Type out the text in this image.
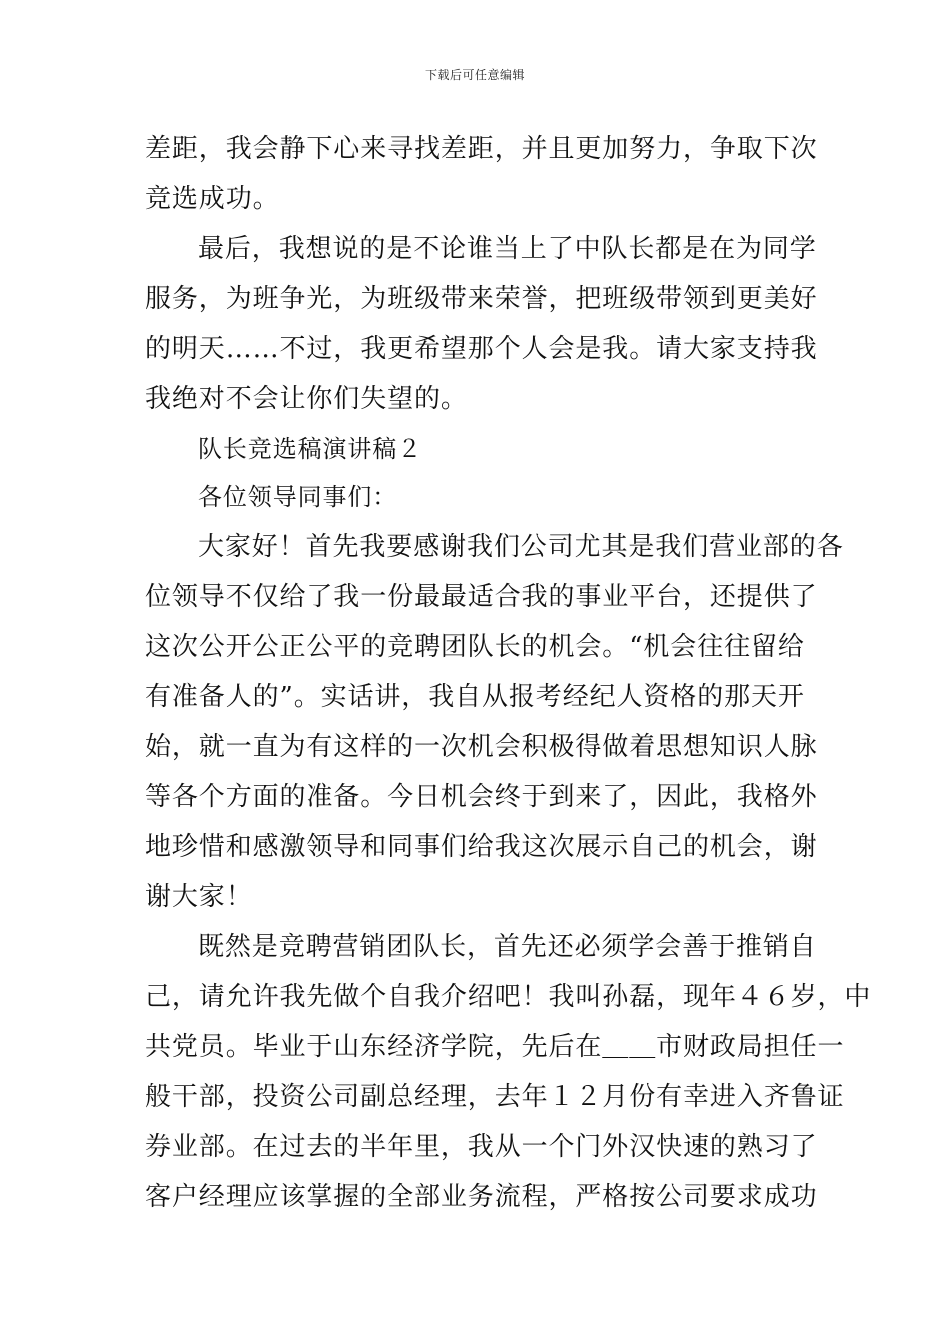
下载后可任意编辑
差距，我会静下心来寻找差距，并且更加努力，争取下次
竞选成功。
最后，我想说的是不论谁当上了中队长都是在为同学
服务，为班争光，为班级带来荣誉，把班级带领到更美好
的明天……不过，我更希望那个人会是我。请大家支持我
我绝对不会让你们失望的。
队长竞选稿演讲稿２
各位领导同事们：
大家好！首先我要感谢我们公司尤其是我们营业部的各
位领导不仅给了我一份最最适合我的事业平台，还提供了
这次公开公正公平的竞聘团队长的机会。“机会往往留给
有准备人的”。实话讲，我自从报考经纪人资格的那天开
始，就一直为有这样的一次机会积极得做着思想知识人脉
等各个方面的准备。今日机会终于到来了，因此，我格外
地珍惜和感激领导和同事们给我这次展示自己的机会，谢
谢大家！
既然是竞聘营销团队长，首先还必须学会善于推销自
己，请允许我先做个自我介绍吧！我叫孙磊，现年４６岁，中
共党员。毕业于山东经济学院，先后在＿＿市财政局担任一
般干部，投资公司副总经理，去年１２月份有幸进入齐鲁证
券业部。在过去的半年里，我从一个门外汉快速的熟习了
客户经理应该掌握的全部业务流程，严格按公司要求成功
